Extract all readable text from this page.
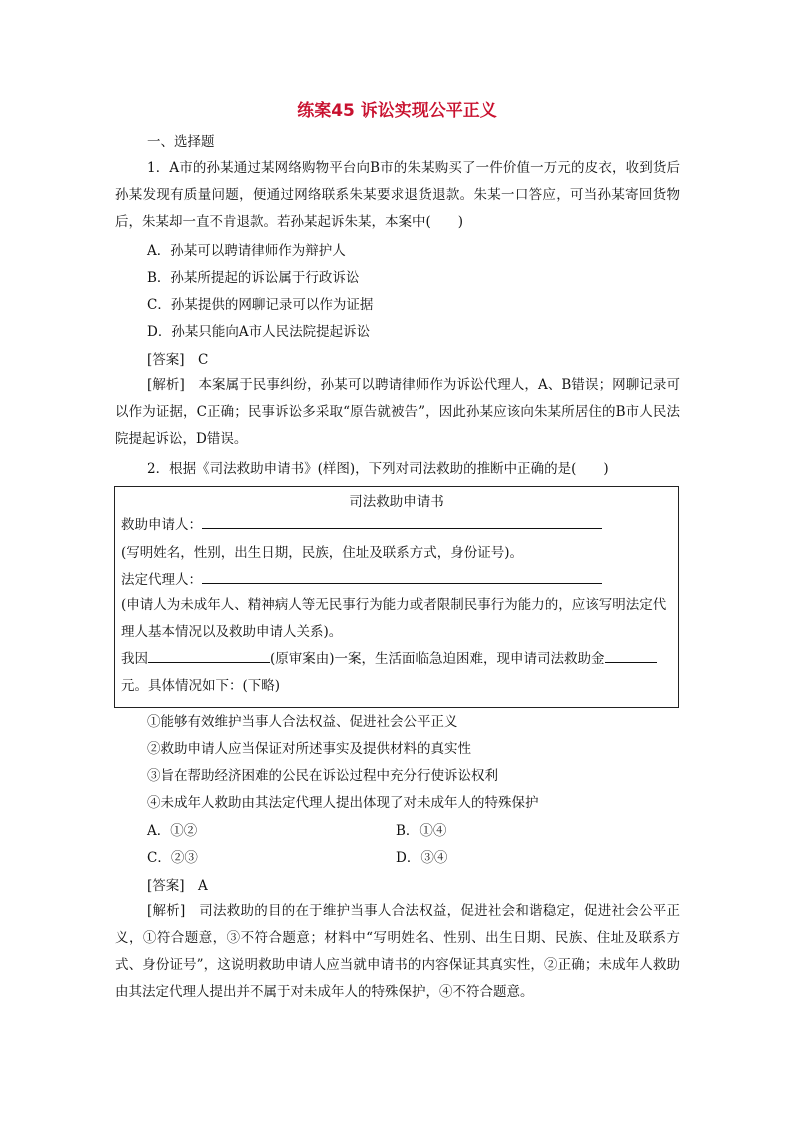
练案45 诉讼实现公平正义
一、选择题
1．A市的孙某通过某网络购物平台向B市的朱某购买了一件价值一万元的皮衣，收到货后孙某发现有质量问题，便通过网络联系朱某要求退货退款。朱某一口答应，可当孙某寄回货物后，朱某却一直不肯退款。若孙某起诉朱某，本案中(　　)
A．孙某可以聘请律师作为辩护人
B．孙某所提起的诉讼属于行政诉讼
C．孙某提供的网聊记录可以作为证据
D．孙某只能向A市人民法院提起诉讼
[答案]　C
[解析]　本案属于民事纠纷，孙某可以聘请律师作为诉讼代理人，A、B错误；网聊记录可以作为证据，C正确；民事诉讼多采取“原告就被告”，因此孙某应该向朱某所居住的B市人民法院提起诉讼，D错误。
2．根据《司法救助申请书》(样图)，下列对司法救助的推断中正确的是(　　)
司法救助申请书
救助申请人：
(写明姓名，性别，出生日期，民族，住址及联系方式，身份证号)。
法定代理人：
(申请人为未成年人、精神病人等无民事行为能力或者限制民事行为能力的，应该写明法定代理人基本情况以及救助申请人关系)。
我因	(原审案由)一案，生活面临急迫困难，现申请司法救助金元。具体情况如下：(下略)
①能够有效维护当事人合法权益、促进社会公平正义
②救助申请人应当保证对所述事实及提供材料的真实性
③旨在帮助经济困难的公民在诉讼过程中充分行使诉讼权利
④未成年人救助由其法定代理人提出体现了对未成年人的特殊保护
A．①②	B．①④
C．②③	D．③④
[答案]　A
[解析]　司法救助的目的在于维护当事人合法权益，促进社会和谐稳定，促进社会公平正义，①符合题意，③不符合题意；材料中“写明姓名、性别、出生日期、民族、住址及联系方式、身份证号”，这说明救助申请人应当就申请书的内容保证其真实性，②正确；未成年人救助由其法定代理人提出并不属于对未成年人的特殊保护，④不符合题意。
